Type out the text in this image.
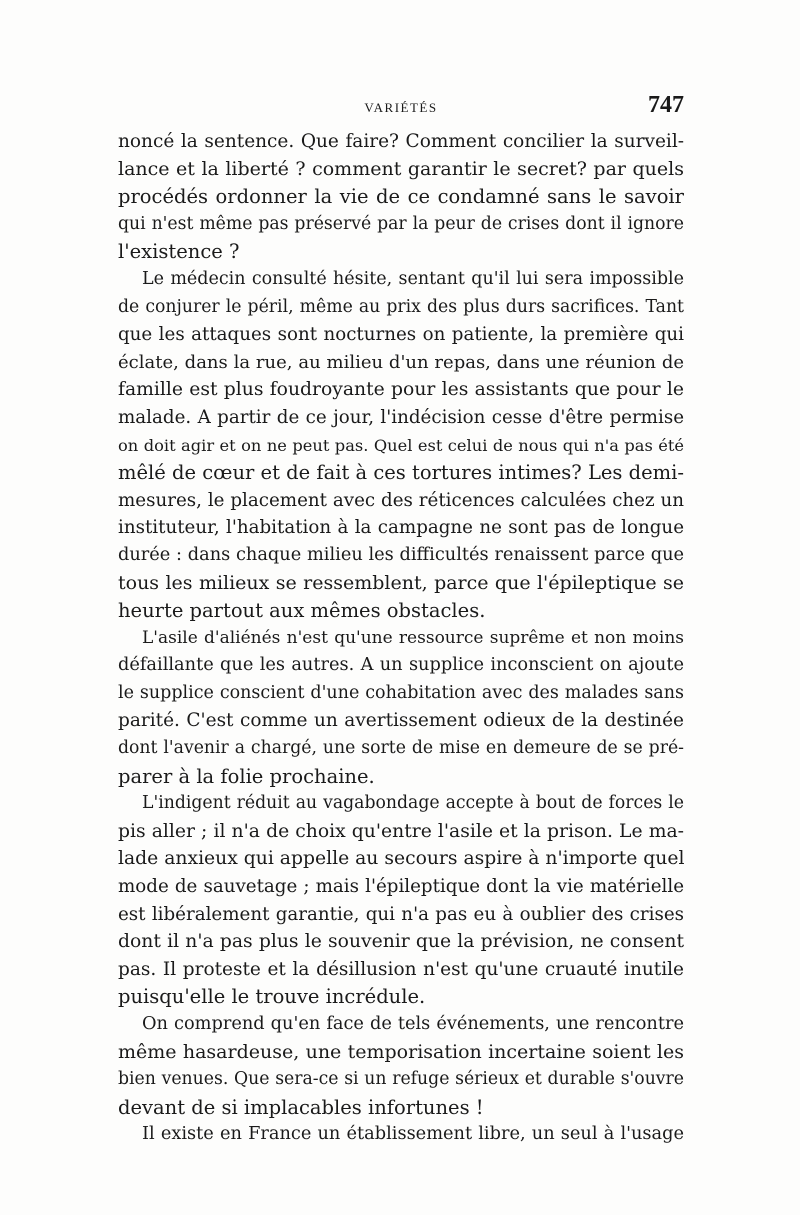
VARIÉTÉS	747
noncé la sentence. Que faire? Comment concilier la surveil-
lance et la liberté ? comment garantir le secret? par quels
procédés ordonner la vie de ce condamné sans le savoir
qui n'est même pas préservé par la peur de crises dont il ignore
l'existence ?
Le médecin consulté hésite, sentant qu'il lui sera impossible
de conjurer le péril, même au prix des plus durs sacrifices. Tant
que les attaques sont nocturnes on patiente, la première qui
éclate, dans la rue, au milieu d'un repas, dans une réunion de
famille est plus foudroyante pour les assistants que pour le
malade. A partir de ce jour, l'indécision cesse d'être permise
on doit agir et on ne peut pas. Quel est celui de nous qui n'a pas été
mêlé de cœur et de fait à ces tortures intimes? Les demi-
mesures, le placement avec des réticences calculées chez un
instituteur, l'habitation à la campagne ne sont pas de longue
durée : dans chaque milieu les difficultés renaissent parce que
tous les milieux se ressemblent, parce que l'épileptique se
heurte partout aux mêmes obstacles.
L'asile d'aliénés n'est qu'une ressource suprême et non moins
défaillante que les autres. A un supplice inconscient on ajoute
le supplice conscient d'une cohabitation avec des malades sans
parité. C'est comme un avertissement odieux de la destinée
dont l'avenir a chargé, une sorte de mise en demeure de se pré-
parer à la folie prochaine.
L'indigent réduit au vagabondage accepte à bout de forces le
pis aller ; il n'a de choix qu'entre l'asile et la prison. Le ma-
lade anxieux qui appelle au secours aspire à n'importe quel
mode de sauvetage ; mais l'épileptique dont la vie matérielle
est libéralement garantie, qui n'a pas eu à oublier des crises
dont il n'a pas plus le souvenir que la prévision, ne consent
pas. Il proteste et la désillusion n'est qu'une cruauté inutile
puisqu'elle le trouve incrédule.
On comprend qu'en face de tels événements, une rencontre
même hasardeuse, une temporisation incertaine soient les
bien venues. Que sera-ce si un refuge sérieux et durable s'ouvre
devant de si implacables infortunes !
Il existe en France un établissement libre, un seul à l'usage
